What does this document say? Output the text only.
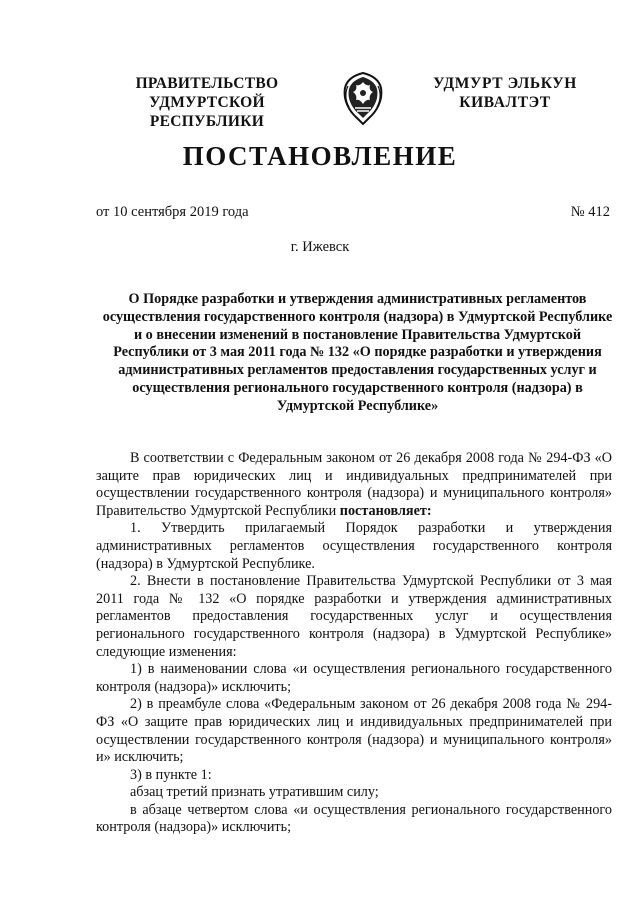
ПРАВИТЕЛЬСТВО
УДМУРТСКОЙ РЕСПУБЛИКИ
УДМУРТ ЭЛЬКУН
КИВАЛТЭТ
ПОСТАНОВЛЕНИЕ
от 10 сентября 2019 года	№ 412
г. Ижевск
О Порядке разработки и утверждения административных регламентов осуществления государственного контроля (надзора) в Удмуртской Республике и о внесении изменений в постановление Правительства Удмуртской Республики от 3 мая 2011 года № 132 «О порядке разработки и утверждения административных регламентов предоставления государственных услуг и осуществления регионального государственного контроля (надзора) в Удмуртской Республике»

В соответствии с Федеральным законом от 26 декабря 2008 года № 294-ФЗ «О защите прав юридических лиц и индивидуальных предпринимателей при осуществлении государственного контроля (надзора) и муниципального контроля» Правительство Удмуртской Республики постановляет:

1. Утвердить прилагаемый Порядок разработки и утверждения административных регламентов осуществления государственного контроля (надзора) в Удмуртской Республике.

2. Внести в постановление Правительства Удмуртской Республики от 3 мая 2011 года № 132 «О порядке разработки и утверждения административных регламентов предоставления государственных услуг и осуществления регионального государственного контроля (надзора) в Удмуртской Республике» следующие изменения:

1) в наименовании слова «и осуществления регионального государственного контроля (надзора)» исключить;

2) в преамбуле слова «Федеральным законом от 26 декабря 2008 года № 294-ФЗ «О защите прав юридических лиц и индивидуальных предпринимателей при осуществлении государственного контроля (надзора) и муниципального контроля» и» исключить;

3) в пункте 1:

абзац третий признать утратившим силу;

в абзаце четвертом слова «и осуществления регионального государственного контроля (надзора)» исключить;
